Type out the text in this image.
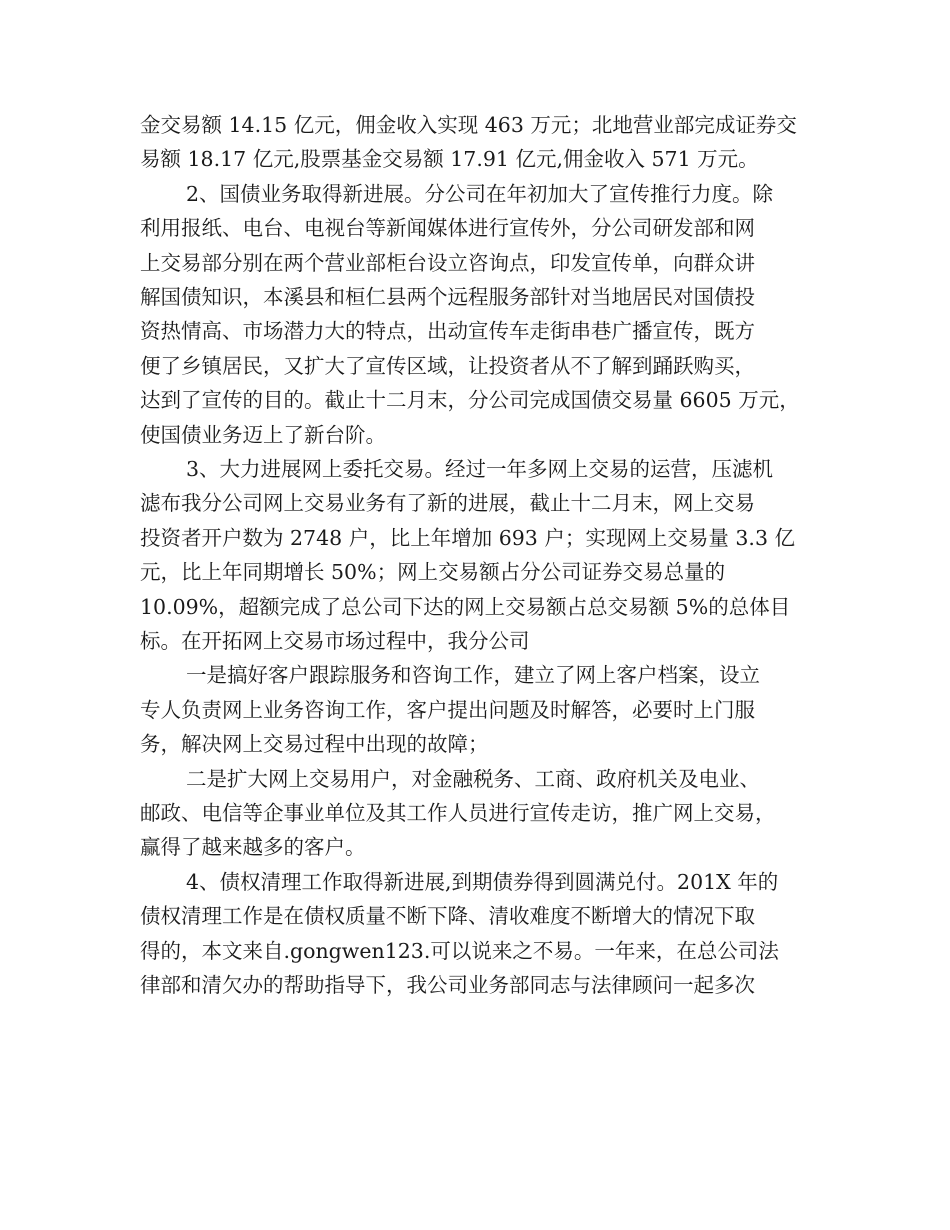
金交易额 14.15 亿元，佣金收入实现 463 万元；北地营业部完成证券交
易额 18.17 亿元,股票基金交易额 17.91 亿元,佣金收入 571 万元。
2、国债业务取得新进展。分公司在年初加大了宣传推行力度。除
利用报纸、电台、电视台等新闻媒体进行宣传外，分公司研发部和网
上交易部分别在两个营业部柜台设立咨询点，印发宣传单，向群众讲
解国债知识，本溪县和桓仁县两个远程服务部针对当地居民对国债投
资热情高、市场潜力大的特点，出动宣传车走街串巷广播宣传，既方
便了乡镇居民，又扩大了宣传区域，让投资者从不了解到踊跃购买，
达到了宣传的目的。截止十二月末，分公司完成国债交易量 6605 万元，
使国债业务迈上了新台阶。
3、大力进展网上委托交易。经过一年多网上交易的运营，压滤机
滤布我分公司网上交易业务有了新的进展，截止十二月末，网上交易
投资者开户数为 2748 户，比上年增加 693 户；实现网上交易量 3.3 亿
元，比上年同期增长 50%；网上交易额占分公司证券交易总量的
10.09%，超额完成了总公司下达的网上交易额占总交易额 5%的总体目
标。在开拓网上交易市场过程中，我分公司
一是搞好客户跟踪服务和咨询工作，建立了网上客户档案，设立
专人负责网上业务咨询工作，客户提出问题及时解答，必要时上门服
务，解决网上交易过程中出现的故障；
二是扩大网上交易用户，对金融税务、工商、政府机关及电业、
邮政、电信等企事业单位及其工作人员进行宣传走访，推广网上交易，
赢得了越来越多的客户。
4、债权清理工作取得新进展,到期债券得到圆满兑付。201X 年的
债权清理工作是在债权质量不断下降、清收难度不断增大的情况下取
得的，本文来自.gongwen123.可以说来之不易。一年来，在总公司法
律部和清欠办的帮助指导下，我公司业务部同志与法律顾问一起多次
